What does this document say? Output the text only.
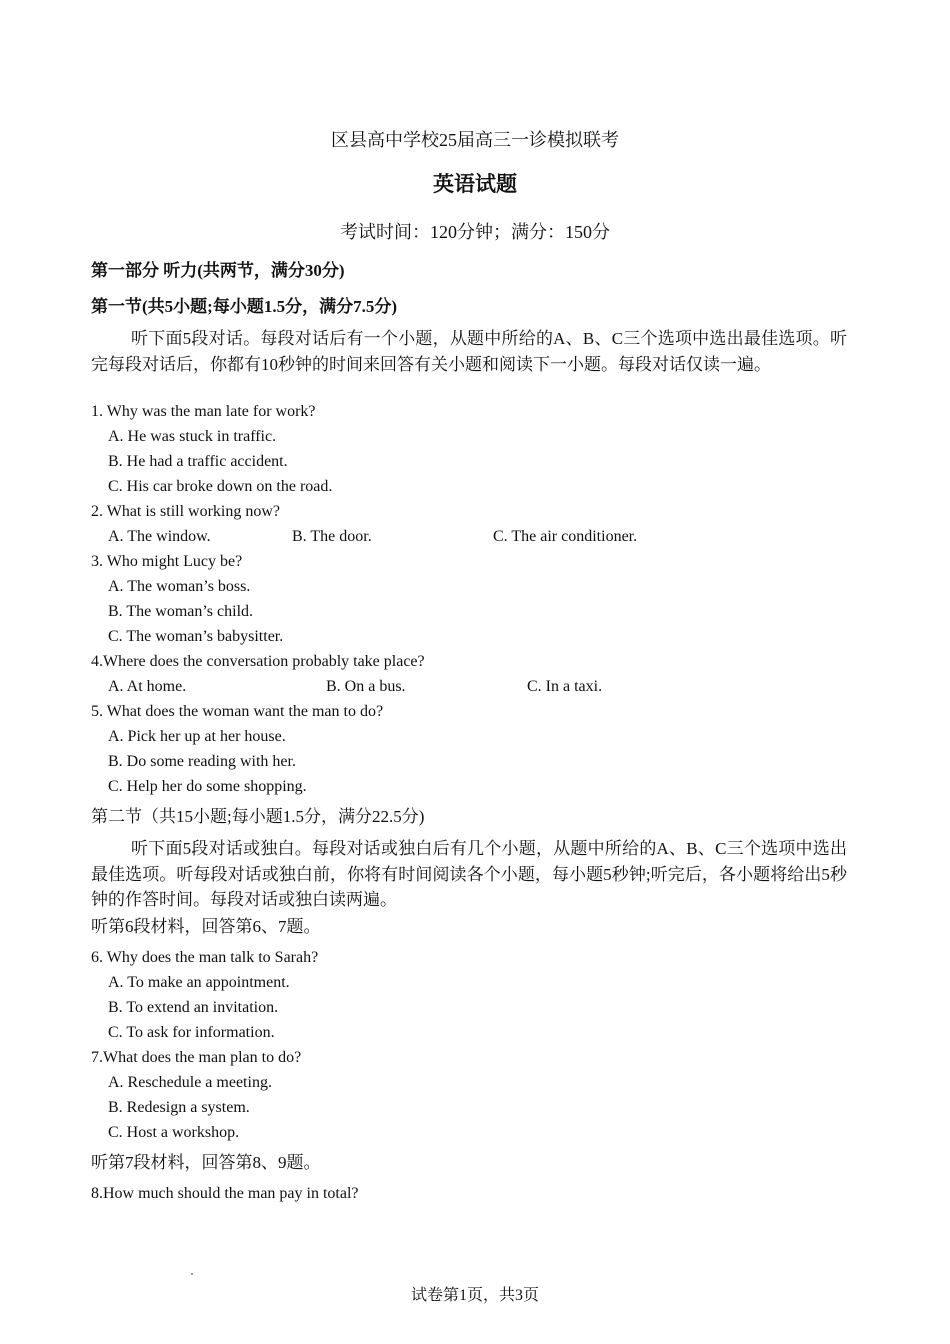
区县高中学校25届高三一诊模拟联考
英语试题
考试时间：120分钟；满分：150分
第一部分 听力(共两节，满分30分)
第一节(共5小题;每小题1.5分，满分7.5分)
听下面5段对话。每段对话后有一个小题，从题中所给的A、B、C三个选项中选出最佳选项。听完每段对话后，你都有10秒钟的时间来回答有关小题和阅读下一小题。每段对话仅读一遍。
1. Why was the man late for work?
A. He was stuck in traffic.
B. He had a traffic accident.
C. His car broke down on the road.
2. What is still working now?
A. The window.	B. The door.	C. The air conditioner.
3. Who might Lucy be?
A. The woman’s boss.
B. The woman’s child.
C. The woman’s babysitter.
4.Where does the conversation probably take place?
A. At home.	B. On a bus.	C. In a taxi.
5. What does the woman want the man to do?
A. Pick her up at her house.
B. Do some reading with her.
C. Help her do some shopping.
第二节（共15小题;每小题1.5分，满分22.5分)
听下面5段对话或独白。每段对话或独白后有几个小题，从题中所给的A、B、C三个选项中选出最佳选项。听每段对话或独白前，你将有时间阅读各个小题，每小题5秒钟;听完后，各小题将给出5秒钟的作答时间。每段对话或独白读两遍。
听第6段材料，回答第6、7题。
6. Why does the man talk to Sarah?
A. To make an appointment.
B. To extend an invitation.
C. To ask for information.
7.What does the man plan to do?
A. Reschedule a meeting.
B. Redesign a system.
C. Host a workshop.
听第7段材料，回答第8、9题。
8.How much should the man pay in total?
试卷第1页，共3页
